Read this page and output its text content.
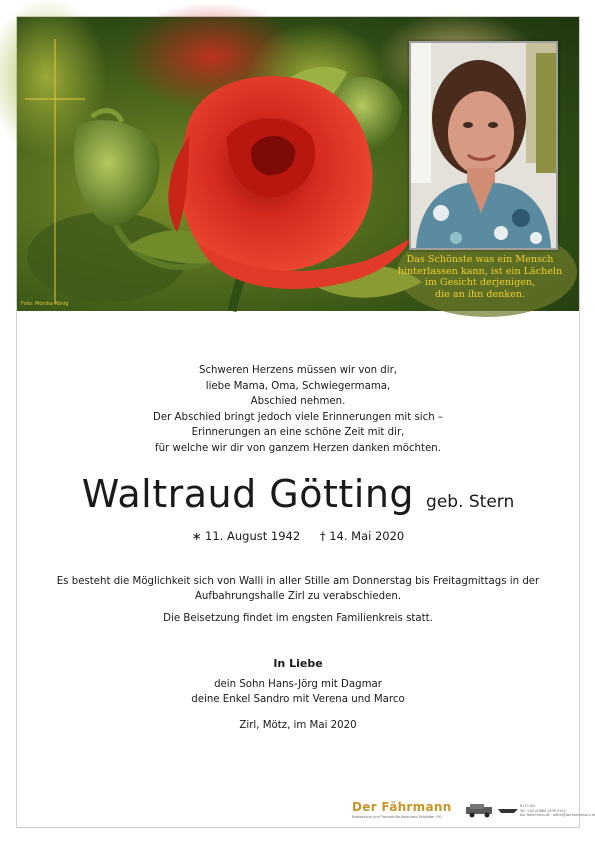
Foto: Monika Rönig
Das Schönste was ein Mensch
hinterlassen kann, ist ein Lächeln
im Gesicht derjenigen,
die an ihn denken.
Schweren Herzens müssen wir von dir,
liebe Mama, Oma, Schwiegermama,
Abschied nehmen.
Der Abschied bringt jedoch viele Erinnerungen mit sich –
Erinnerungen an eine schöne Zeit mit dir,
für welche wir dir von ganzem Herzen danken möchten.
Waltraud Götting geb. Stern
∗ 11. August 1942 † 14. Mai 2020
Es besteht die Möglichkeit sich von Walli in aller Stille am Donnerstag bis Freitagmittags in der Aufbahrungshalle Zirl zu verabschieden.
Die Beisetzung findet im engsten Familienkreis statt.
In Liebe
dein Sohn Hans-Jörg mit Dagmar
deine Enkel Sandro mit Verena und Marco
Zirl, Mötz, im Mai 2020
Der Fährmann
Bestattung und Trauerhilfe Bernhard Schöpfer OG
6170 Zirl
Tel. +43 (0)664 1939 9110
der-faehrmann.at · office@der-faehrmann.at
